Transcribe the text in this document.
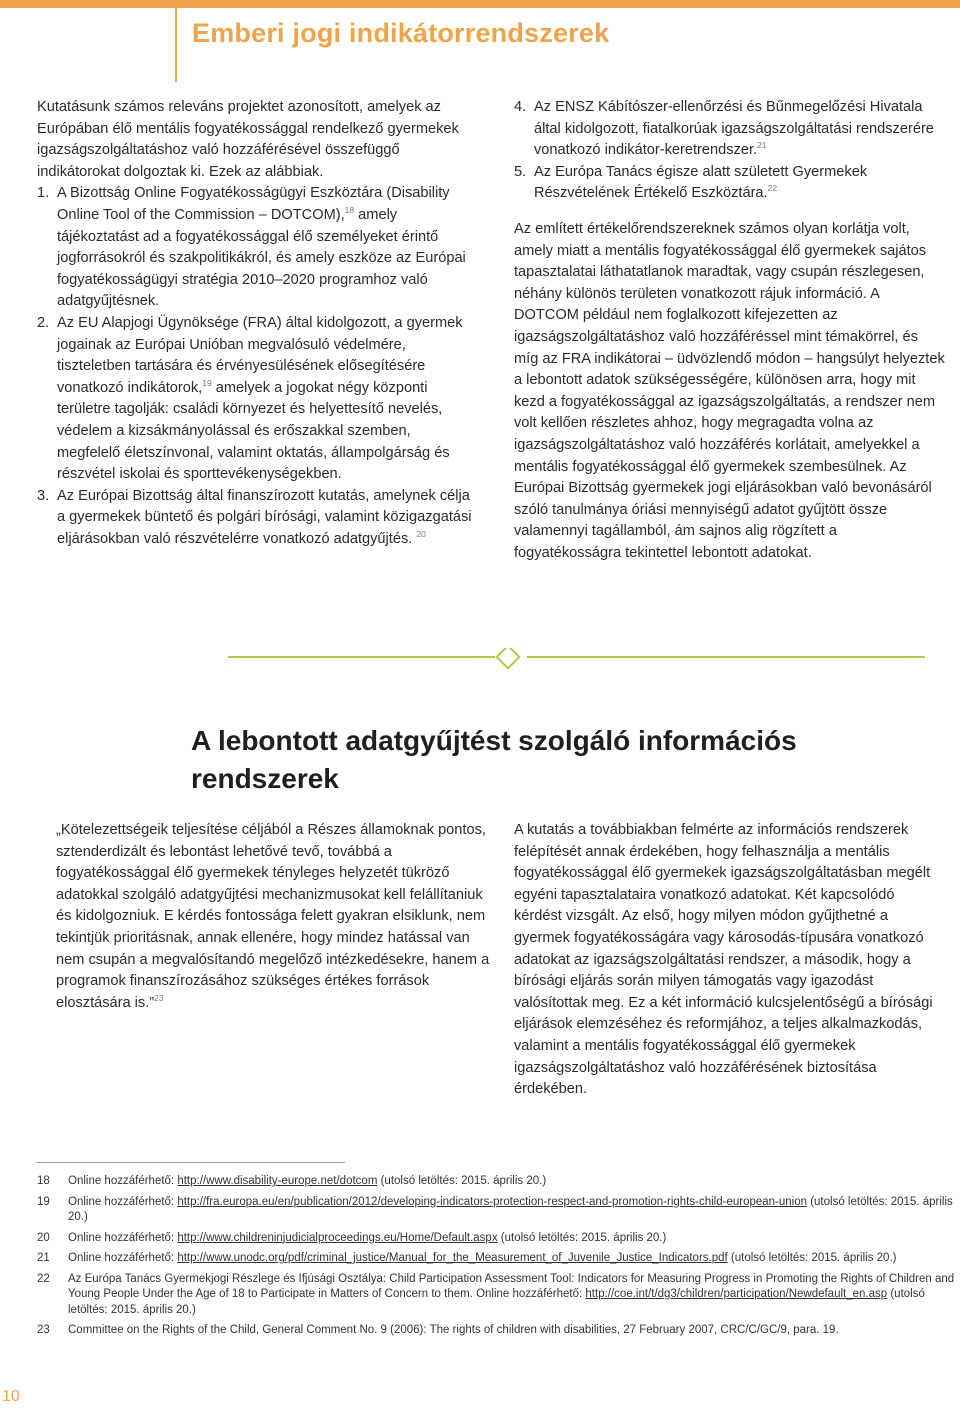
Emberi jogi indikátorrendszerek

Kutatásunk számos releváns projektet azonosított, amelyek az Európában élő mentális fogyatékossággal rendelkező gyermekek igazságszolgáltatáshoz való hozzáférésével összefüggő indikátorokat dolgoztak ki. Ezek az alábbiak.

1. A Bizottság Online Fogyatékosságügyi Eszköztára (Disability Online Tool of the Commission – DOTCOM),$^{18}$ amely tájékoztatást ad a fogyatékossággal élő személyeket érintő jogforrásokról és szakpolitikákról, és amely eszköze az Európai fogyatékosságügyi stratégia 2010–2020 programhoz való adatgyűjtésnek.
2. Az EU Alapjogi Ügynöksége (FRA) által kidolgozott, a gyermek jogainak az Európai Unióban megvalósuló védelmére, tiszteletben tartására és érvényesülésének elősegítésére vonatkozó indikátorok,$^{19}$ amelyek a jogokat négy központi területre tagolják: családi környezet és helyettesítő nevelés, védelem a kizsákmányolással és erőszakkal szemben, megfelelő életszínvonal, valamint oktatás, állampolgárság és részvétel iskolai és sporttevékenységekben.
3. Az Európai Bizottság által finanszírozott kutatás, amelynek célja a gyermekek büntető és polgári bírósági, valamint közigazgatási eljárásokban való részvételérre vonatkozó adatgyűjtés. $^{20}$
4. Az ENSZ Kábítószer-ellenőrzési és Bűnmegelőzési Hivatala által kidolgozott, fiatalkorúak igazságszolgáltatási rendszerére vonatkozó indikátor-keretrendszer.$^{21}$
5. Az Európa Tanács égisze alatt született Gyermekek Részvételének Értékelő Eszköztára.$^{22}$

Az említett értékelőrendszereknek számos olyan korlátja volt, amely miatt a mentális fogyatékossággal élő gyermekek sajátos tapasztalatai láthatatlanok maradtak, vagy csupán részlegesen, néhány különös területen vonatkozott rájuk információ. A DOTCOM például nem foglalkozott kifejezetten az igazságszolgáltatáshoz való hozzáféréssel mint témakörrel, és míg az FRA indikátorai – üdvözlendő módon – hangsúlyt helyeztek a lebontott adatok szükségességére, különösen arra, hogy mit kezd a fogyatékossággal az igazságszolgáltatás, a rendszer nem volt kellően részletes ahhoz, hogy megragadta volna az igazságszolgáltatáshoz való hozzáférés korlátait, amelyekkel a mentális fogyatékossággal élő gyermekek szembesülnek. Az Európai Bizottság gyermekek jogi eljárásokban való bevonásáról szóló tanulmánya óriási mennyiségű adatot gyűjtött össze valamennyi tagállamból, ám sajnos alig rögzített a fogyatékosságra tekintettel lebontott adatokat.

A lebontott adatgyűjtést szolgáló információs rendszerek

„Kötelezettségeik teljesítése céljából a Részes államoknak pontos, sztenderdizált és lebontást lehetővé tevő, továbbá a fogyatékossággal élő gyermekek tényleges helyzetét tükröző adatokkal szolgáló adatgyűjtési mechanizmusokat kell felállítaniuk és kidolgozniuk. E kérdés fontossága felett gyakran elsiklunk, nem tekintjük prioritásnak, annak ellenére, hogy mindez hatással van nem csupán a megvalósítandó megelőző intézkedésekre, hanem a programok finanszírozásához szükséges értékes források elosztására is.”$^{23}$

A kutatás a továbbiakban felmérte az információs rendszerek felépítését annak érdekében, hogy felhasználja a mentális fogyatékossággal élő gyermekek igazságszolgáltatásban megélt egyéni tapasztalataira vonatkozó adatokat. Két kapcsolódó kérdést vizsgált. Az első, hogy milyen módon gyűjthetné a gyermek fogyatékosságára vagy károsodás-típusára vonatkozó adatokat az igazságszolgáltatási rendszer, a második, hogy a bírósági eljárás során milyen támogatás vagy igazodást valósítottak meg. Ez a két információ kulcsjelentőségű a bírósági eljárások elemzéséhez és reformjához, a teljes alkalmazkodás, valamint a mentális fogyatékossággal élő gyermekek igazságszolgáltatáshoz való hozzáférésének biztosítása érdekében.

18 Online hozzáférhető: http://www.disability-europe.net/dotcom (utolsó letöltés: 2015. április 20.)
19 Online hozzáférhető: http://fra.europa.eu/en/publication/2012/developing-indicators-protection-respect-and-promotion-rights-child-european-union (utolsó letöltés: 2015. április 20.)
20 Online hozzáférhető: http://www.childreninjudicialproceedings.eu/Home/Default.aspx (utolsó letöltés: 2015. április 20.)
21 Online hozzáférhető: http://www.unodc.org/pdf/criminal_justice/Manual_for_the_Measurement_of_Juvenile_Justice_Indicators.pdf (utolsó letöltés: 2015. április 20.)
22 Az Európa Tanács Gyermekjogi Részlege és Ifjúsági Osztálya: Child Participation Assessment Tool: Indicators for Measuring Progress in Promoting the Rights of Children and Young People Under the Age of 18 to Participate in Matters of Concern to them. Online hozzáférhető: http://coe.int/t/dg3/children/participation/Newdefault_en.asp (utolsó letöltés: 2015. április 20.)
23 Committee on the Rights of the Child, General Comment No. 9 (2006): The rights of children with disabilities, 27 February 2007, CRC/C/GC/9, para. 19.
10
